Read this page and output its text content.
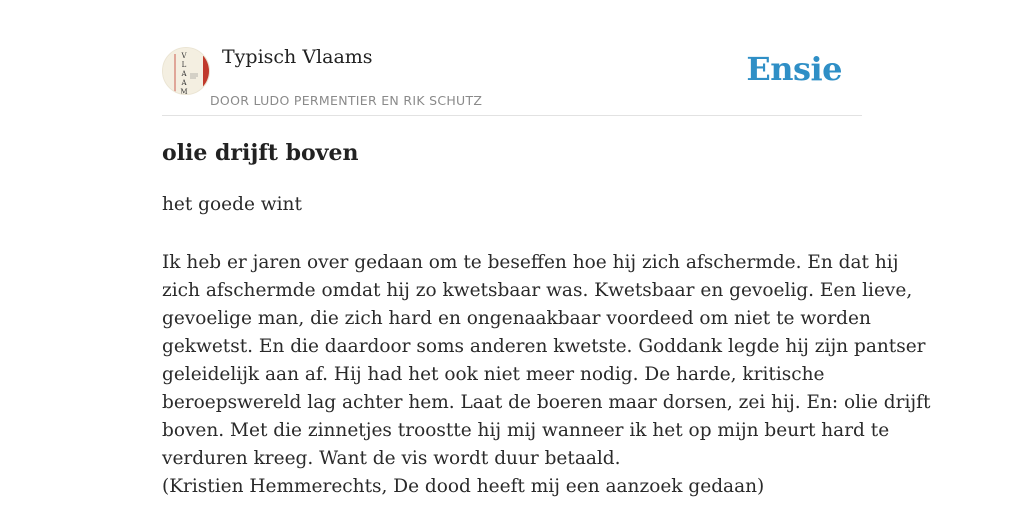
V
L
A
A
M
Typisch Vlaams
DOOR LUDO PERMENTIER EN RIK SCHUTZ
Ensie
olie drijft boven
het goede wint
Ik heb er jaren over gedaan om te beseffen hoe hij zich afschermde. En dat hij
zich afschermde omdat hij zo kwetsbaar was. Kwetsbaar en gevoelig. Een lieve,
gevoelige man, die zich hard en ongenaakbaar voordeed om niet te worden
gekwetst. En die daardoor soms anderen kwetste. Goddank legde hij zijn pantser
geleidelijk aan af. Hij had het ook niet meer nodig. De harde, kritische
beroepswereld lag achter hem. Laat de boeren maar dorsen, zei hij. En: olie drijft
boven. Met die zinnetjes troostte hij mij wanneer ik het op mijn beurt hard te
verduren kreeg. Want de vis wordt duur betaald.
(Kristien Hemmerechts, De dood heeft mij een aanzoek gedaan)
